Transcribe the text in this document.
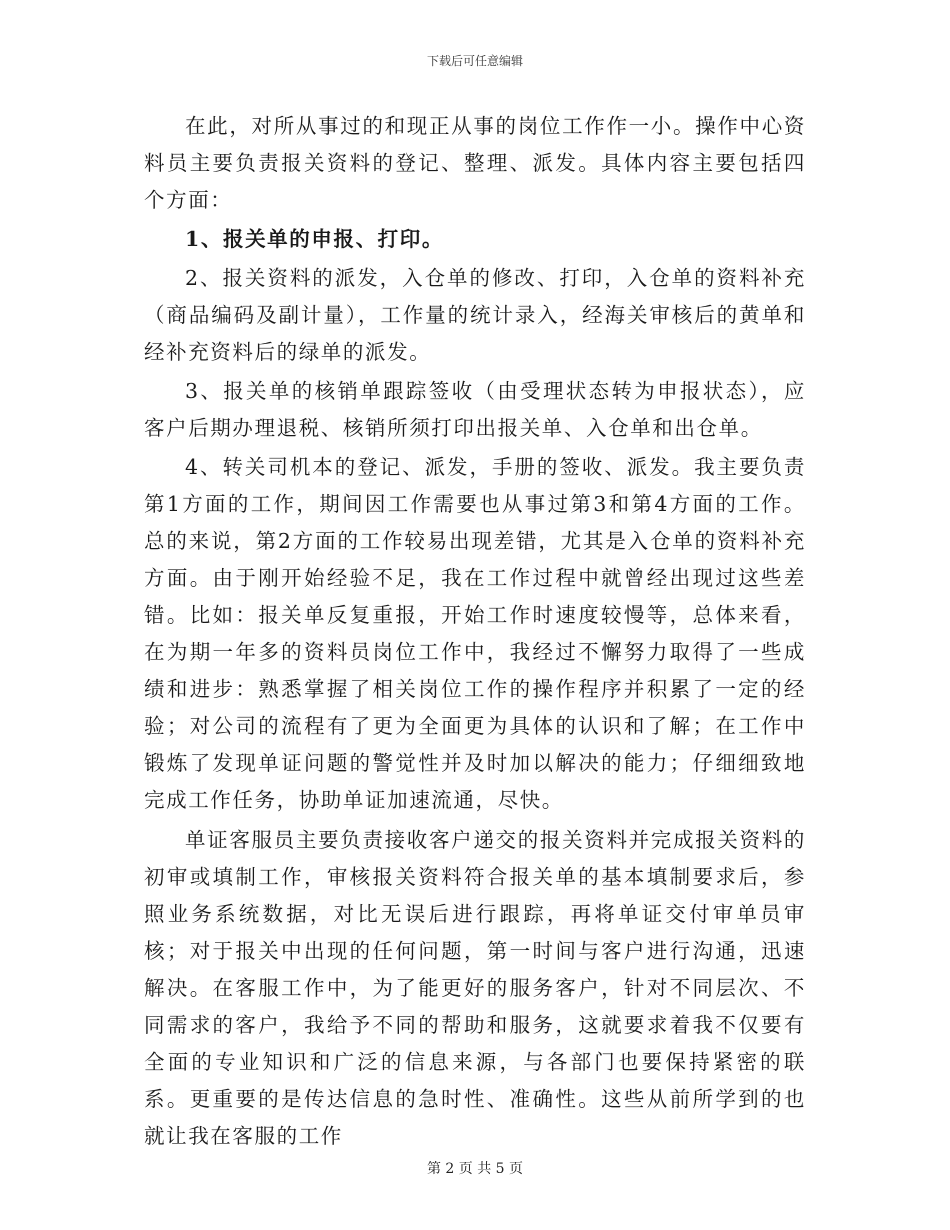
下载后可任意编辑

在此，对所从事过的和现正从事的岗位工作作一小。操作中心资料员主要负责报关资料的登记、整理、派发。具体内容主要包括四个方面：

1、报关单的申报、打印。

2、报关资料的派发，入仓单的修改、打印，入仓单的资料补充（商品编码及副计量），工作量的统计录入，经海关审核后的黄单和经补充资料后的绿单的派发。

3、报关单的核销单跟踪签收（由受理状态转为申报状态），应客户后期办理退税、核销所须打印出报关单、入仓单和出仓单。

4、转关司机本的登记、派发，手册的签收、派发。我主要负责第1方面的工作，期间因工作需要也从事过第3和第4方面的工作。总的来说，第2方面的工作较易出现差错，尤其是入仓单的资料补充方面。由于刚开始经验不足，我在工作过程中就曾经出现过这些差错。比如：报关单反复重报，开始工作时速度较慢等，总体来看，在为期一年多的资料员岗位工作中，我经过不懈努力取得了一些成绩和进步：熟悉掌握了相关岗位工作的操作程序并积累了一定的经验；对公司的流程有了更为全面更为具体的认识和了解；在工作中锻炼了发现单证问题的警觉性并及时加以解决的能力；仔细细致地完成工作任务，协助单证加速流通，尽快。

单证客服员主要负责接收客户递交的报关资料并完成报关资料的初审或填制工作，审核报关资料符合报关单的基本填制要求后，参照业务系统数据，对比无误后进行跟踪，再将单证交付审单员审核；对于报关中出现的任何问题，第一时间与客户进行沟通，迅速解决。在客服工作中，为了能更好的服务客户，针对不同层次、不同需求的客户，我给予不同的帮助和服务，这就要求着我不仅要有全面的专业知识和广泛的信息来源，与各部门也要保持紧密的联系。更重要的是传达信息的急时性、准确性。这些从前所学到的也就让我在客服的工作

第 2 页 共 5 页
